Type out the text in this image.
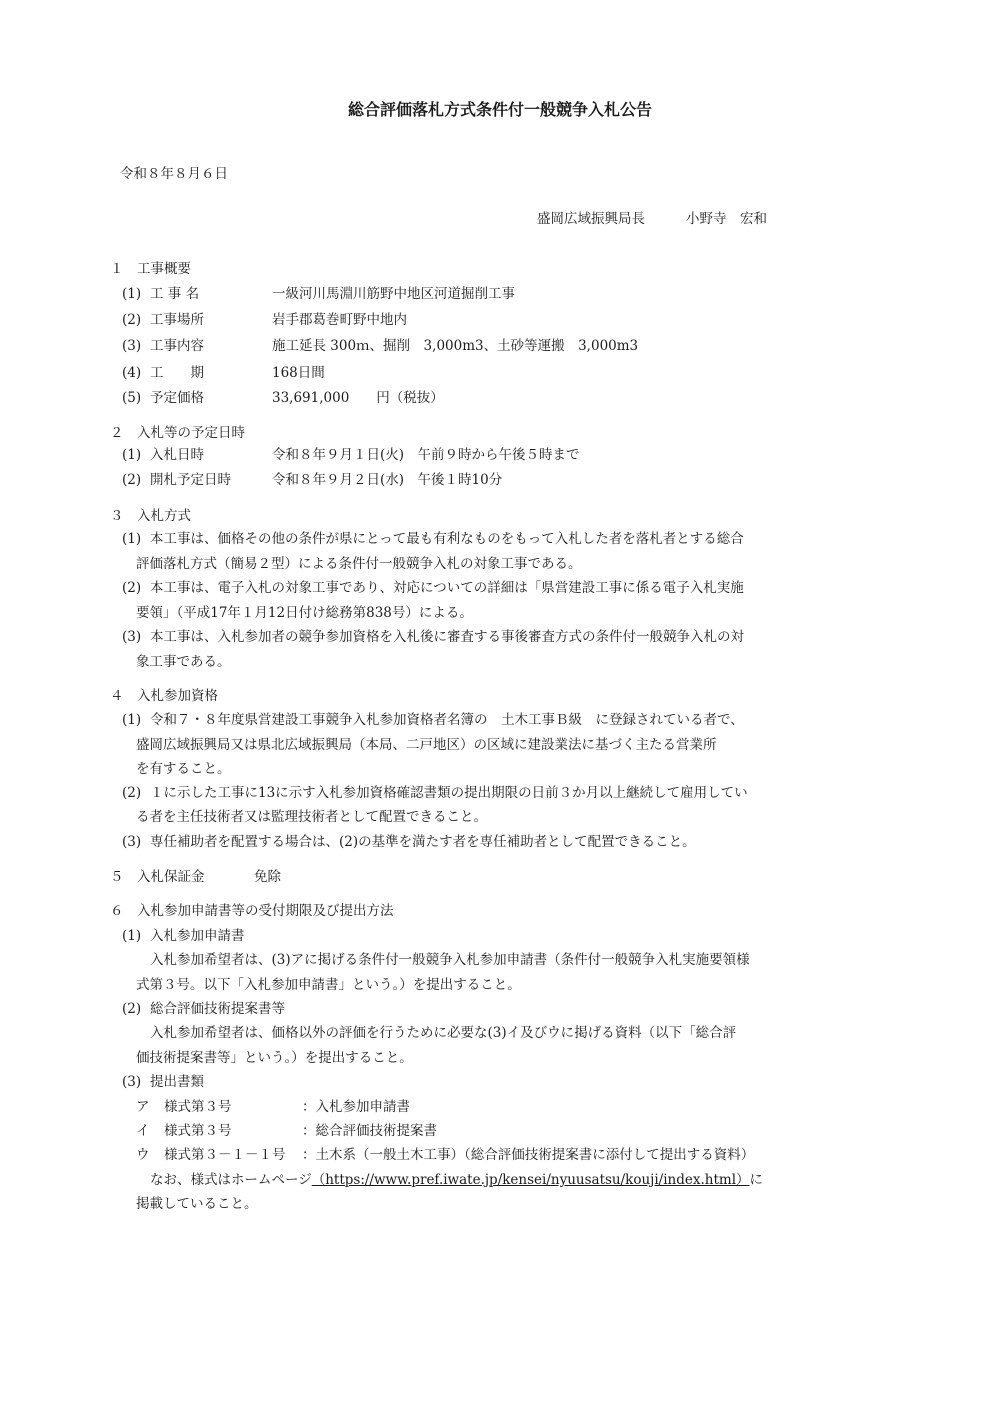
総合評価落札方式条件付一般競争入札公告
令和８年８月６日
盛岡広域振興局長	小野寺　宏和
１　工事概要
(1) 工 事 名	一級河川馬淵川筋野中地区河道掘削工事
(2) 工事場所	岩手郡葛巻町野中地内
(3) 工事内容	施工延長 300ｍ、掘削　3,000m3、土砂等運搬　3,000m3
(4) 工　　期	168日間
(5) 予定価格	33,691,000　　円（税抜）
２　入札等の予定日時
(1) 入札日時	令和８年９月１日(火)　午前９時から午後５時まで
(2) 開札予定日時	令和８年９月２日(水)　午後１時10分
３　入札方式
(1) 本工事は、価格その他の条件が県にとって最も有利なものをもって入札した者を落札者とする総合
評価落札方式（簡易２型）による条件付一般競争入札の対象工事である。
(2) 本工事は、電子入札の対象工事であり、対応についての詳細は「県営建設工事に係る電子入札実施
要領」（平成17年１月12日付け総務第838号）による。
(3) 本工事は、入札参加者の競争参加資格を入札後に審査する事後審査方式の条件付一般競争入札の対
象工事である。
４　入札参加資格
(1) 令和７・８年度県営建設工事競争入札参加資格者名簿の　土木工事Ｂ級　に登録されている者で、
盛岡広域振興局又は県北広域振興局（本局、二戸地区）の区域に建設業法に基づく主たる営業所
を有すること。
(2) １に示した工事に13に示す入札参加資格確認書類の提出期限の日前３か月以上継続して雇用してい
る者を主任技術者又は監理技術者として配置できること。
(3) 専任補助者を配置する場合は、(2)の基準を満たす者を専任補助者として配置できること。
５　入札保証金	免除
６　入札参加申請書等の受付期限及び提出方法
(1) 入札参加申請書
入札参加希望者は、(3)アに掲げる条件付一般競争入札参加申請書（条件付一般競争入札実施要領様
式第３号。以下「入札参加申請書」という。）を提出すること。
(2) 総合評価技術提案書等
入札参加希望者は、価格以外の評価を行うために必要な(3)イ及びウに掲げる資料（以下「総合評
価技術提案書等」という。）を提出すること。
(3) 提出書類
ア 様式第３号	：入札参加申請書
イ 様式第３号	：総合評価技術提案書
ウ 様式第３－１－１号 ：土木系（一般土木工事）（総合評価技術提案書に添付して提出する資料）
なお、様式はホームページ（https://www.pref.iwate.jp/kensei/nyuusatsu/kouji/index.html）に
掲載していること。
